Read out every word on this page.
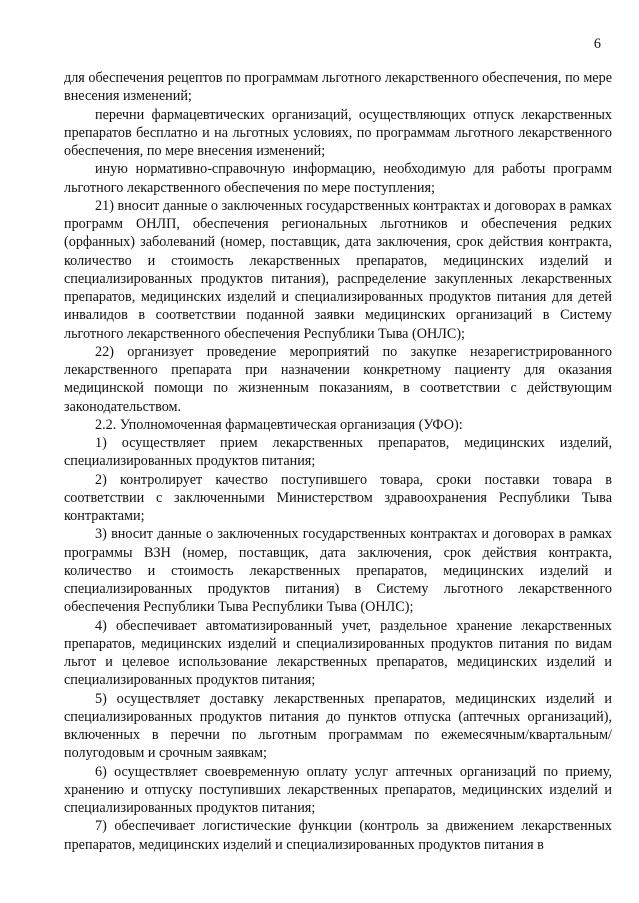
6

для обеспечения рецептов по программам льготного лекарственного обеспечения, по мере внесения изменений;

перечни фармацевтических организаций, осуществляющих отпуск лекарственных препаратов бесплатно и на льготных условиях, по программам льготного лекарственного обеспечения, по мере внесения изменений;

иную нормативно-справочную информацию, необходимую для работы программ льготного лекарственного обеспечения по мере поступления;

21) вносит данные о заключенных государственных контрактах и договорах в рамках программ ОНЛП, обеспечения региональных льготников и обеспечения редких (орфанных) заболеваний (номер, поставщик, дата заключения, срок действия контракта, количество и стоимость лекарственных препаратов, медицинских изделий и специализированных продуктов питания), распределение закупленных лекарственных препаратов, медицинских изделий и специализированных продуктов питания для детей инвалидов в соответствии поданной заявки медицинских организаций в Систему льготного лекарственного обеспечения Республики Тыва (ОНЛС);

22) организует проведение мероприятий по закупке незарегистрированного лекарственного препарата при назначении конкретному пациенту для оказания медицинской помощи по жизненным показаниям, в соответствии с действующим законодательством.

2.2. Уполномоченная фармацевтическая организация (УФО):

1) осуществляет прием лекарственных препаратов, медицинских изделий, специализированных продуктов питания;

2) контролирует качество поступившего товара, сроки поставки товара в соответствии с заключенными Министерством здравоохранения Республики Тыва контрактами;

3) вносит данные о заключенных государственных контрактах и договорах в рамках программы ВЗН (номер, поставщик, дата заключения, срок действия контракта, количество и стоимость лекарственных препаратов, медицинских изделий и специализированных продуктов питания) в Систему льготного лекарственного обеспечения Республики Тыва Республики Тыва (ОНЛС);

4) обеспечивает автоматизированный учет, раздельное хранение лекарственных препаратов, медицинских изделий и специализированных продуктов питания по видам льгот и целевое использование лекарственных препаратов, медицинских изделий и специализированных продуктов питания;

5) осуществляет доставку лекарственных препаратов, медицинских изделий и специализированных продуктов питания до пунктов отпуска (аптечных организаций), включенных в перечни по льготным программам по ежемесячным/квартальным/полугодовым и срочным заявкам;

6) осуществляет своевременную оплату услуг аптечных организаций по приему, хранению и отпуску поступивших лекарственных препаратов, медицинских изделий и специализированных продуктов питания;

7) обеспечивает логистические функции (контроль за движением лекарственных препаратов, медицинских изделий и специализированных продуктов питания в
